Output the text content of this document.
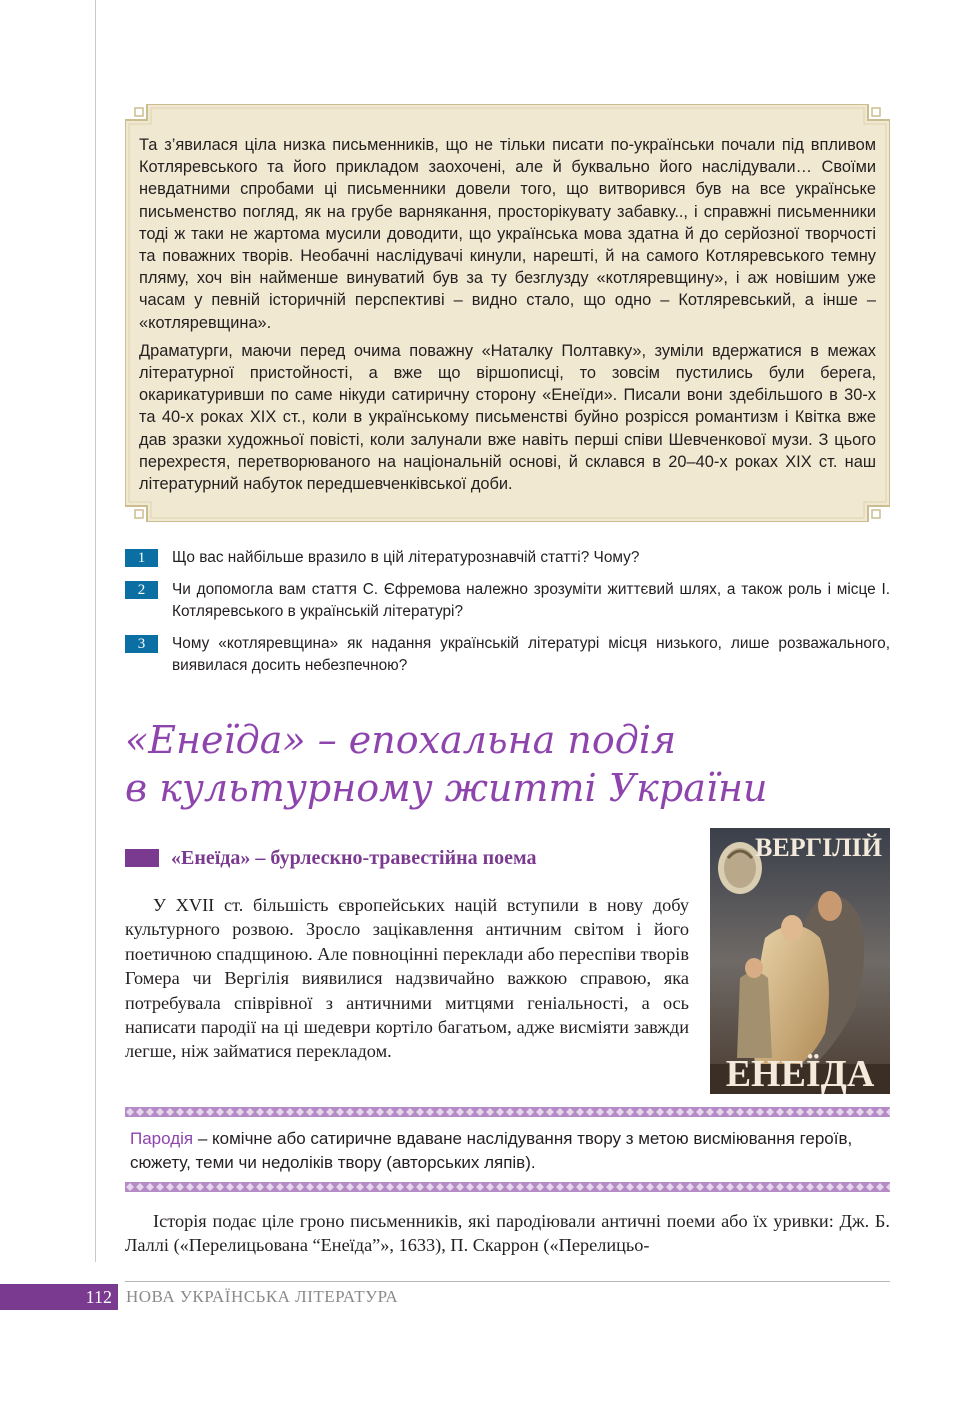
Та з’явилася ціла низка письменників, що не тільки писати по-українськи почали під впливом Котляревського та його прикладом заохочені, але й буквально його наслідували… Своїми невдатними спробами ці письменники довели того, що витворився був на все українське письменство погляд, як на грубе варнякання, просторікувату забавку.., і справжні письменники тоді ж таки не жартома мусили доводити, що українська мова здатна й до серйозної творчості та поважних творів. Необачні наслідувачі кинули, нарешті, й на самого Котляревського темну пляму, хоч він найменше винуватий був за ту безглузду «котляревщину», і аж новішим уже часам у певній історичній перспективі – видно стало, що одно – Котляревський, а інше – «котляревщина».

Драматурги, маючи перед очима поважну «Наталку Полтавку», зуміли вдержатися в межах літературної пристойності, а вже що віршописці, то зовсім пустились були берега, окарикатуривши по саме нікуди сатиричну сторону «Енеїди». Писали вони здебільшого в 30-х та 40-х роках ХІХ ст., коли в українському письменстві буйно розрісся романтизм і Квітка вже дав зразки художньої повісті, коли залунали вже навіть перші співи Шевченкової музи. З цього перехрестя, перетворюваного на національній основі, й склався в 20–40-х роках ХІХ ст. наш літературний набуток передшевченківської доби.

1	Що вас найбільше вразило в цій літературознавчій статті? Чому?
2	Чи допомогла вам стаття С. Єфремова належно зрозуміти життєвий шлях, а також роль і місце І. Котляревського в українській літературі?
3	Чому «котляревщина» як надання українській літературі місця низького, лише розважального, виявилася досить небезпечною?
«Енеїда» – епохальна подія
в культурному житті України
«Енеїда» – бурлескно-травестійна поема

У XVII ст. більшість європейських націй вступили в нову добу культурного розвою. Зросло зацікавлення античним світом і його поетичною спадщиною. Але повноцінні переклади або переспіви творів Гомера чи Вергілія виявилися надзвичайно важкою справою, яка потребувала співрівної з античними митцями геніальності, а ось написати пародії на ці шедеври кортіло багатьом, адже висміяти завжди легше, ніж займатися перекладом.

ВЕРГІЛІЙ
ЕНЕЇДА

Пародія – комічне або сатиричне вдаване наслідування твору з метою висміювання героїв, сюжету, теми чи недоліків твору (авторських ляпів).

Історія подає ціле гроно письменників, які пародіювали античні поеми або їх уривки: Дж. Б. Лаллі («Перелицьована “Енеїда”», 1633), П. Скаррон («Перелицьо-

112 НОВА УКРАЇНСЬКА ЛІТЕРАТУРА
